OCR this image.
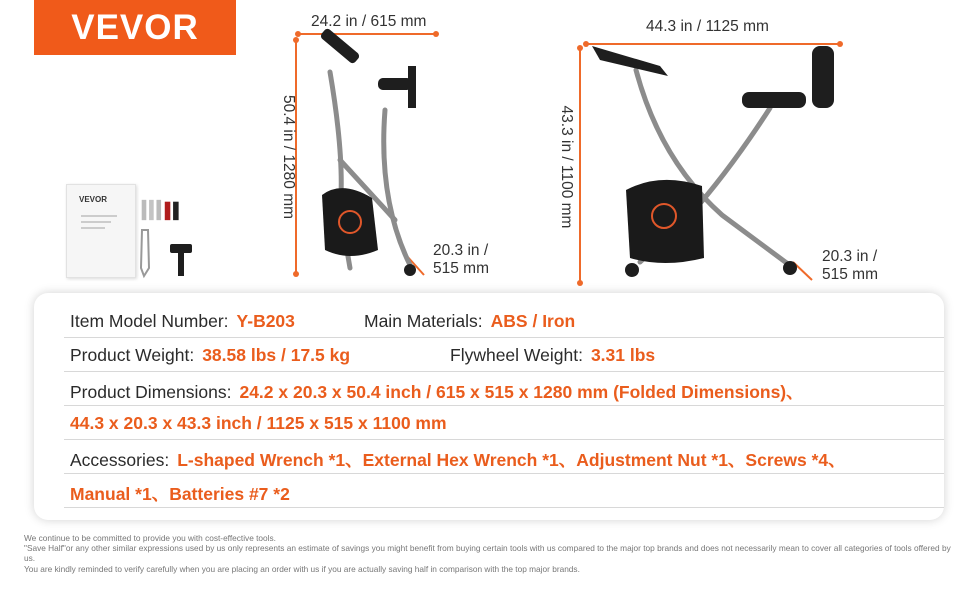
VEVOR
VEVOR
24.2 in / 615 mm
50.4 in / 1280 mm
20.3 in /
515 mm
44.3 in / 1125 mm
43.3 in / 1100 mm
20.3 in /
515 mm
Item Model Number: Y-B203	Main Materials: ABS / Iron
Product Weight: 38.58 lbs / 17.5 kg	Flywheel Weight: 3.31 lbs
Product Dimensions: 24.2 x 20.3 x 50.4 inch / 615 x 515 x 1280 mm (Folded Dimensions)、
44.3 x 20.3 x 43.3 inch / 1125 x 515 x 1100 mm
Accessories: L-shaped Wrench *1、External Hex Wrench *1、Adjustment Nut *1、Screws *4、
Manual *1、Batteries #7 *2
We continue to be committed to provide you with cost-effective tools.
"Save Half"or any other similar expressions used by us only represents an estimate of savings you might benefit from buying certain tools with us compared to the major top brands and does not necessarily mean to cover all categories of tools offered by us.
You are kindly reminded to verify carefully when you are placing an order with us if you are actually saving half in comparison with the top major brands.
